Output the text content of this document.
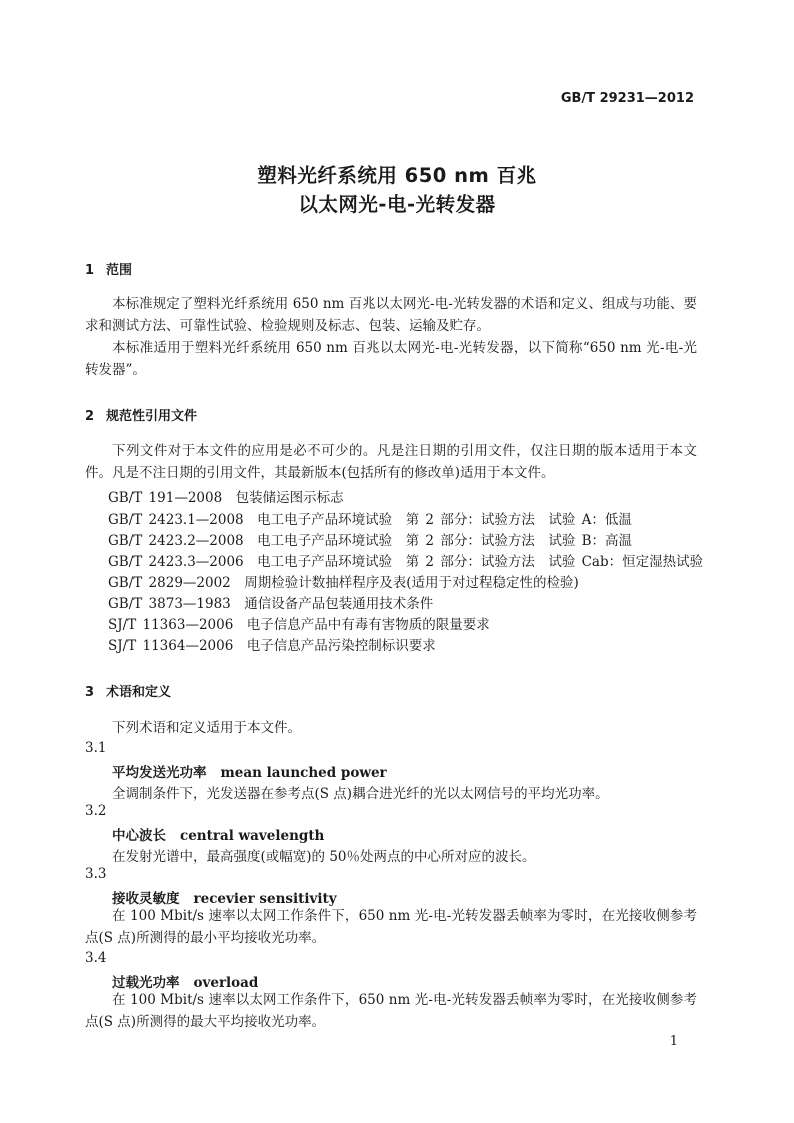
GB/T 29231—2012
塑料光纤系统用 650 nm 百兆
以太网光-电-光转发器
1 范围
本标准规定了塑料光纤系统用 650 nm 百兆以太网光-电-光转发器的术语和定义、组成与功能、要求和测试方法、可靠性试验、检验规则及标志、包装、运输及贮存。
本标准适用于塑料光纤系统用 650 nm 百兆以太网光-电-光转发器，以下简称“650 nm 光-电-光转发器”。
2 规范性引用文件
下列文件对于本文件的应用是必不可少的。凡是注日期的引用文件，仅注日期的版本适用于本文件。凡是不注日期的引用文件，其最新版本(包括所有的修改单)适用于本文件。
GB/T 191—2008　包装储运图示标志
GB/T 2423.1—2008　电工电子产品环境试验　第 2 部分：试验方法　试验 A：低温
GB/T 2423.2—2008　电工电子产品环境试验　第 2 部分：试验方法　试验 B：高温
GB/T 2423.3—2006　电工电子产品环境试验　第 2 部分：试验方法　试验 Cab：恒定湿热试验
GB/T 2829—2002　周期检验计数抽样程序及表(适用于对过程稳定性的检验)
GB/T 3873—1983　通信设备产品包装通用技术条件
SJ/T 11363—2006　电子信息产品中有毒有害物质的限量要求
SJ/T 11364—2006　电子信息产品污染控制标识要求
3 术语和定义
下列术语和定义适用于本文件。
3.1
平均发送光功率 mean launched power
全调制条件下，光发送器在参考点(S 点)耦合进光纤的光以太网信号的平均光功率。
3.2
中心波长 central wavelength
在发射光谱中，最高强度(或幅宽)的 50％处两点的中心所对应的波长。
3.3
接收灵敏度 recevier sensitivity
在 100 Mbit/s 速率以太网工作条件下，650 nm 光-电-光转发器丢帧率为零时，在光接收侧参考点(S 点)所测得的最小平均接收光功率。
3.4
过载光功率 overload
在 100 Mbit/s 速率以太网工作条件下，650 nm 光-电-光转发器丢帧率为零时，在光接收侧参考点(S 点)所测得的最大平均接收光功率。
1
